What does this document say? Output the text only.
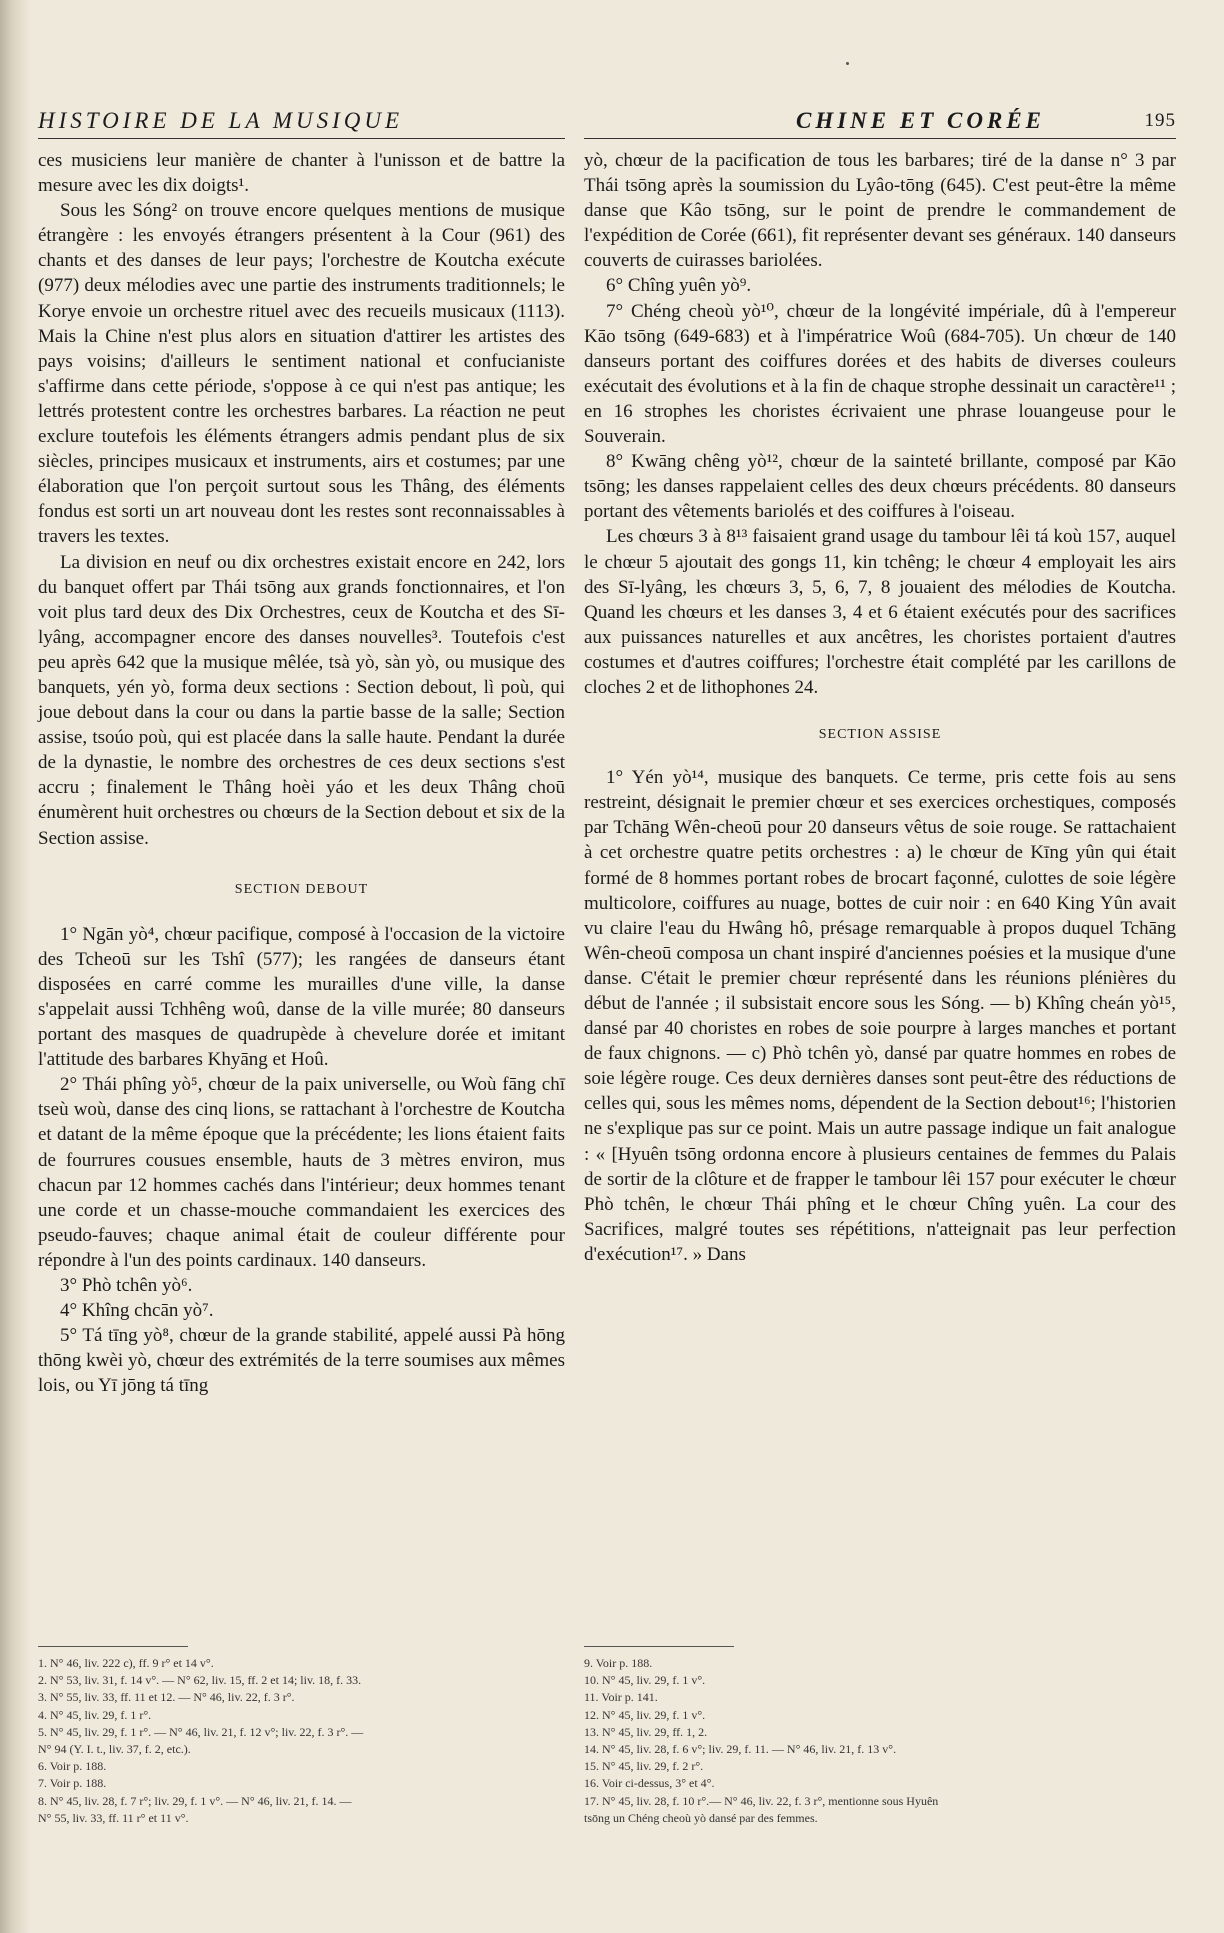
HISTOIRE DE LA MUSIQUE	CHINE ET CORÉE	195

ces musiciens leur manière de chanter à l'unisson et de battre la mesure avec les dix doigts¹.

Sous les Sóng² on trouve encore quelques mentions de musique étrangère : les envoyés étrangers présentent à la Cour (961) des chants et des danses de leur pays; l'orchestre de Koutcha exécute (977) deux mélodies avec une partie des instruments traditionnels; le Korye envoie un orchestre rituel avec des recueils musicaux (1113). Mais la Chine n'est plus alors en situation d'attirer les artistes des pays voisins; d'ailleurs le sentiment national et confucianiste s'affirme dans cette période, s'oppose à ce qui n'est pas antique; les lettrés protestent contre les orchestres barbares. La réaction ne peut exclure toutefois les éléments étrangers admis pendant plus de six siècles, principes musicaux et instruments, airs et costumes; par une élaboration que l'on perçoit surtout sous les Thâng, des éléments fondus est sorti un art nouveau dont les restes sont reconnaissables à travers les textes.

La division en neuf ou dix orchestres existait encore en 242, lors du banquet offert par Thái tsōng aux grands fonctionnaires, et l'on voit plus tard deux des Dix Orchestres, ceux de Koutcha et des Sī-lyâng, accompagner encore des danses nouvelles³. Toutefois c'est peu après 642 que la musique mêlée, tsà yò, sàn yò, ou musique des banquets, yén yò, forma deux sections : Section debout, lì poù, qui joue debout dans la cour ou dans la partie basse de la salle; Section assise, tsoúo poù, qui est placée dans la salle haute. Pendant la durée de la dynastie, le nombre des orchestres de ces deux sections s'est accru ; finalement le Thâng hoèi yáo et les deux Thâng choū énumèrent huit orchestres ou chœurs de la Section debout et six de la Section assise.

SECTION DEBOUT

1° Ngān yò⁴, chœur pacifique, composé à l'occasion de la victoire des Tcheoū sur les Tshî (577); les rangées de danseurs étant disposées en carré comme les murailles d'une ville, la danse s'appelait aussi Tchhêng woû, danse de la ville murée; 80 danseurs portant des masques de quadrupède à chevelure dorée et imitant l'attitude des barbares Khyāng et Hoû.

2° Thái phîng yò⁵, chœur de la paix universelle, ou Woù fāng chī tseù woù, danse des cinq lions, se rattachant à l'orchestre de Koutcha et datant de la même époque que la précédente; les lions étaient faits de fourrures cousues ensemble, hauts de 3 mètres environ, mus chacun par 12 hommes cachés dans l'intérieur; deux hommes tenant une corde et un chasse-mouche commandaient les exercices des pseudo-fauves; chaque animal était de couleur différente pour répondre à l'un des points cardinaux. 140 danseurs.

3° Phò tchên yò⁶.

4° Khîng chcān yò⁷.

5° Tá tīng yò⁸, chœur de la grande stabilité, appelé aussi Pà hōng thōng kwèi yò, chœur des extrémités de la terre soumises aux mêmes lois, ou Yī jōng tá tīng

yò, chœur de la pacification de tous les barbares; tiré de la danse n° 3 par Thái tsōng après la soumission du Lyâo-tōng (645). C'est peut-être la même danse que Kâo tsōng, sur le point de prendre le commandement de l'expédition de Corée (661), fit représenter devant ses généraux. 140 danseurs couverts de cuirasses bariolées.

6° Chîng yuên yò⁹.

7° Chéng cheoù yò¹⁰, chœur de la longévité impériale, dû à l'empereur Kāo tsōng (649-683) et à l'impératrice Woû (684-705). Un chœur de 140 danseurs portant des coiffures dorées et des habits de diverses couleurs exécutait des évolutions et à la fin de chaque strophe dessinait un caractère¹¹ ; en 16 strophes les choristes écrivaient une phrase louangeuse pour le Souverain.

8° Kwāng chêng yò¹², chœur de la sainteté brillante, composé par Kāo tsōng; les danses rappelaient celles des deux chœurs précédents. 80 danseurs portant des vêtements bariolés et des coiffures à l'oiseau.

Les chœurs 3 à 8¹³ faisaient grand usage du tambour lêi tá koù 157, auquel le chœur 5 ajoutait des gongs 11, kin tchêng; le chœur 4 employait les airs des Sī-lyâng, les chœurs 3, 5, 6, 7, 8 jouaient des mélodies de Koutcha. Quand les chœurs et les danses 3, 4 et 6 étaient exécutés pour des sacrifices aux puissances naturelles et aux ancêtres, les choristes portaient d'autres costumes et d'autres coiffures; l'orchestre était complété par les carillons de cloches 2 et de lithophones 24.

SECTION ASSISE

1° Yén yò¹⁴, musique des banquets. Ce terme, pris cette fois au sens restreint, désignait le premier chœur et ses exercices orchestiques, composés par Tchāng Wên-cheoū pour 20 danseurs vêtus de soie rouge. Se rattachaient à cet orchestre quatre petits orchestres : a) le chœur de Kīng yûn qui était formé de 8 hommes portant robes de brocart façonné, culottes de soie légère multicolore, coiffures au nuage, bottes de cuir noir : en 640 King Yûn avait vu claire l'eau du Hwâng hô, présage remarquable à propos duquel Tchāng Wên-cheoū composa un chant inspiré d'anciennes poésies et la musique d'une danse. C'était le premier chœur représenté dans les réunions plénières du début de l'année ; il subsistait encore sous les Sóng. — b) Khîng cheán yò¹⁵, dansé par 40 choristes en robes de soie pourpre à larges manches et portant de faux chignons. — c) Phò tchên yò, dansé par quatre hommes en robes de soie légère rouge. Ces deux dernières danses sont peut-être des réductions de celles qui, sous les mêmes noms, dépendent de la Section debout¹⁶; l'historien ne s'explique pas sur ce point. Mais un autre passage indique un fait analogue : « [Hyuên tsōng ordonna encore à plusieurs centaines de femmes du Palais de sortir de la clôture et de frapper le tambour lêi 157 pour exécuter le chœur Phò tchên, le chœur Thái phîng et le chœur Chîng yuên. La cour des Sacrifices, malgré toutes ses répétitions, n'atteignait pas leur perfection d'exécution¹⁷. » Dans

1. N° 46, liv. 222 c), ff. 9 r° et 14 v°.
2. N° 53, liv. 31, f. 14 v°. — N° 62, liv. 15, ff. 2 et 14; liv. 18, f. 33.
3. N° 55, liv. 33, ff. 11 et 12. — N° 46, liv. 22, f. 3 r°.
4. N° 45, liv. 29, f. 1 r°.
5. N° 45, liv. 29, f. 1 r°. — N° 46, liv. 21, f. 12 v°; liv. 22, f. 3 r°. —
N° 94 (Y. I. t., liv. 37, f. 2, etc.).
6. Voir p. 188.
7. Voir p. 188.
8. N° 45, liv. 28, f. 7 r°; liv. 29, f. 1 v°. — N° 46, liv. 21, f. 14. —
N° 55, liv. 33, ff. 11 r° et 11 v°.
9. Voir p. 188.
10. N° 45, liv. 29, f. 1 v°.
11. Voir p. 141.
12. N° 45, liv. 29, f. 1 v°.
13. N° 45, liv. 29, ff. 1, 2.
14. N° 45, liv. 28, f. 6 v°; liv. 29, f. 11. — N° 46, liv. 21, f. 13 v°.
15. N° 45, liv. 29, f. 2 r°.
16. Voir ci-dessus, 3° et 4°.
17. N° 45, liv. 28, f. 10 r°.— N° 46, liv. 22, f. 3 r°, mentionne sous Hyuên
tsōng un Chéng cheoù yò dansé par des femmes.
